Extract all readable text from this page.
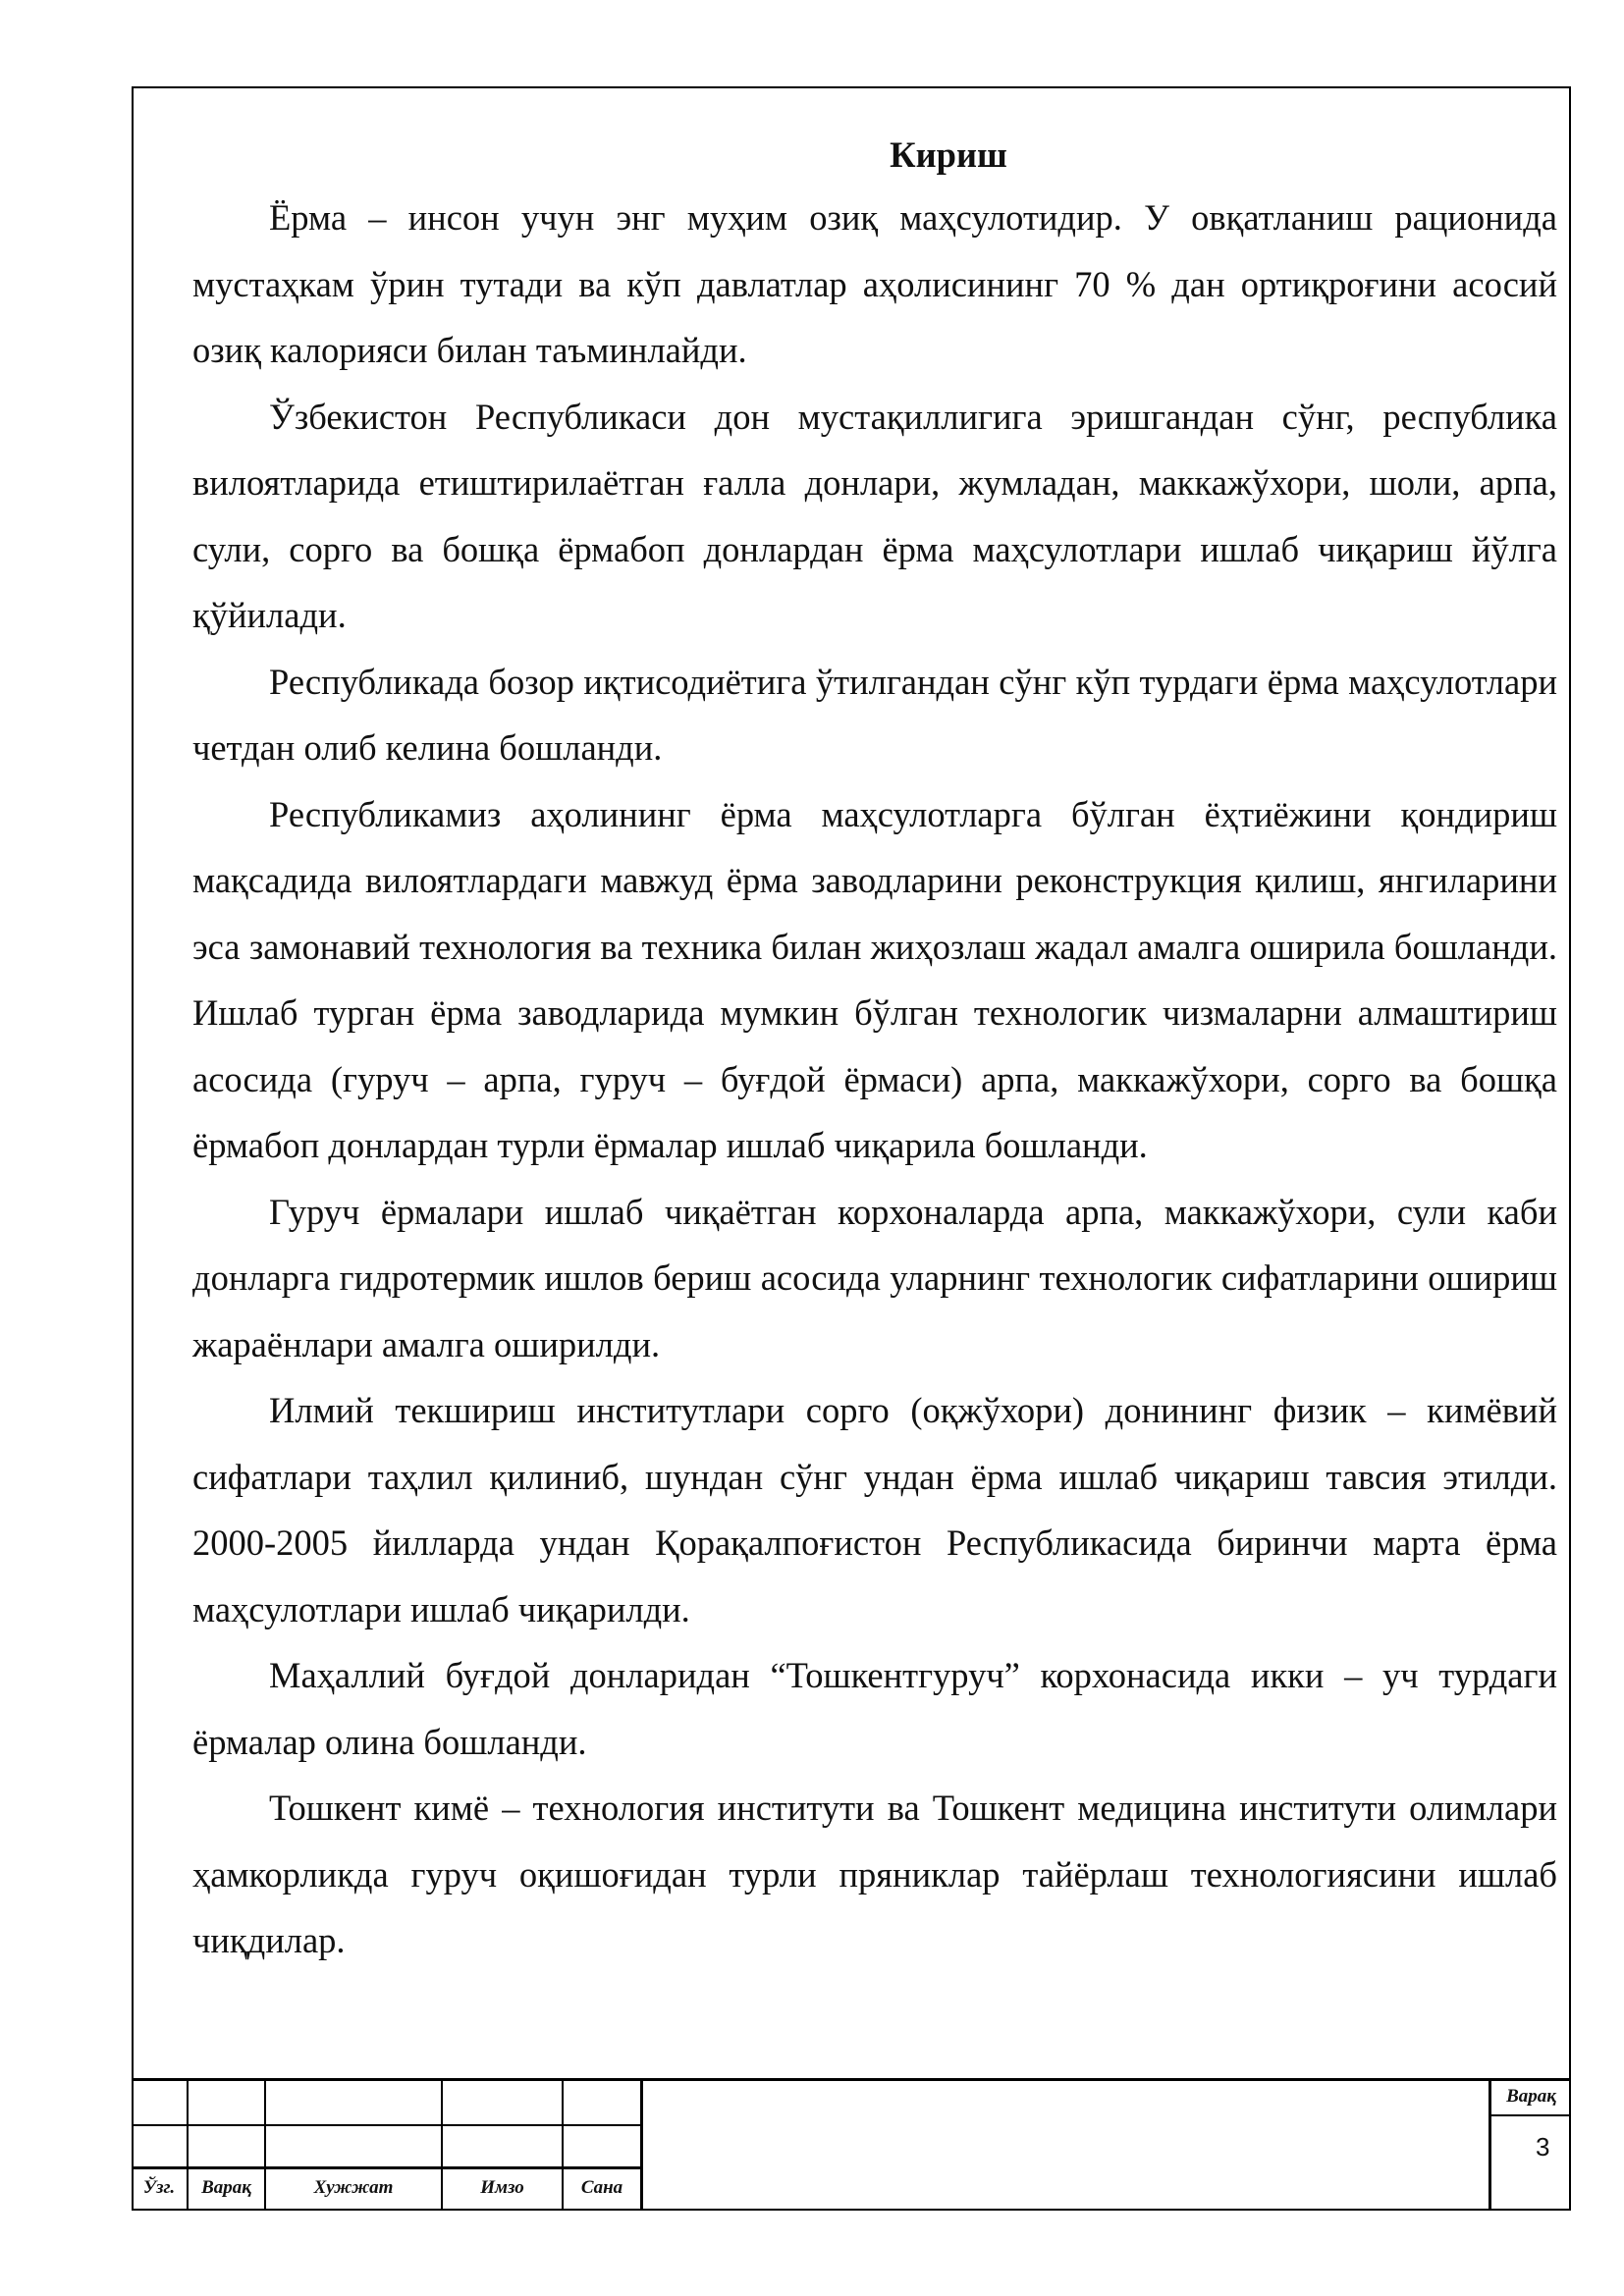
Кириш

Ёрма – инсон учун энг муҳим озиқ маҳсулотидир. У овқатланиш рационида мустаҳкам ўрин тутади ва кўп давлатлар аҳолисининг 70 % дан ортиқроғини асосий озиқ калорияси билан таъминлайди.

Ўзбекистон Республикаси дон мустақиллигига эришгандан сўнг, республика вилоятларида етиштирилаётган ғалла донлари, жумладан, маккажўхори, шоли, арпа, сули, сорго ва бошқа ёрмабоп донлардан ёрма маҳсулотлари ишлаб чиқариш йўлга қўйилади.

Республикада бозор иқтисодиётига ўтилгандан сўнг кўп турдаги ёрма маҳсулотлари четдан олиб келина бошланди.

Республикамиз аҳолининг ёрма маҳсулотларга бўлган ёҳтиёжини қондириш мақсадида вилоятлардаги мавжуд ёрма заводларини реконструкция қилиш, янгиларини эса замонавий технология ва техника билан жиҳозлаш жадал амалга оширила бошланди. Ишлаб турган ёрма заводларида мумкин бўлган технологик чизмаларни алмаштириш асосида (гуруч – арпа, гуруч – буғдой ёрмаси) арпа, маккажўхори, сорго ва бошқа ёрмабоп донлардан турли ёрмалар ишлаб чиқарила бошланди.

Гуруч ёрмалари ишлаб чиқаётган корхоналарда арпа, маккажўхори, сули каби донларга гидротермик ишлов бериш асосида уларнинг технологик сифатларини ошириш жараёнлари амалга оширилди.

Илмий текшириш институтлари сорго (оқжўхори) донининг физик – кимёвий сифатлари таҳлил қилиниб, шундан сўнг ундан ёрма ишлаб чиқариш тавсия этилди. 2000-2005 йилларда ундан Қорақалпоғистон Республикасида биринчи марта ёрма маҳсулотлари ишлаб чиқарилди.

Маҳаллий буғдой донларидан “Тошкентгуруч” корхонасида икки – уч турдаги ёрмалар олина бошланди.

Тошкент кимё – технология институти ва Тошкент медицина институти олимлари ҳамкорликда гуруч оқишоғидан турли пряниклар тайёрлаш технологиясини ишлаб чиқдилар.

Ўзг.	Варақ	Хужжат	Имзо	Сана
Варақ
3
